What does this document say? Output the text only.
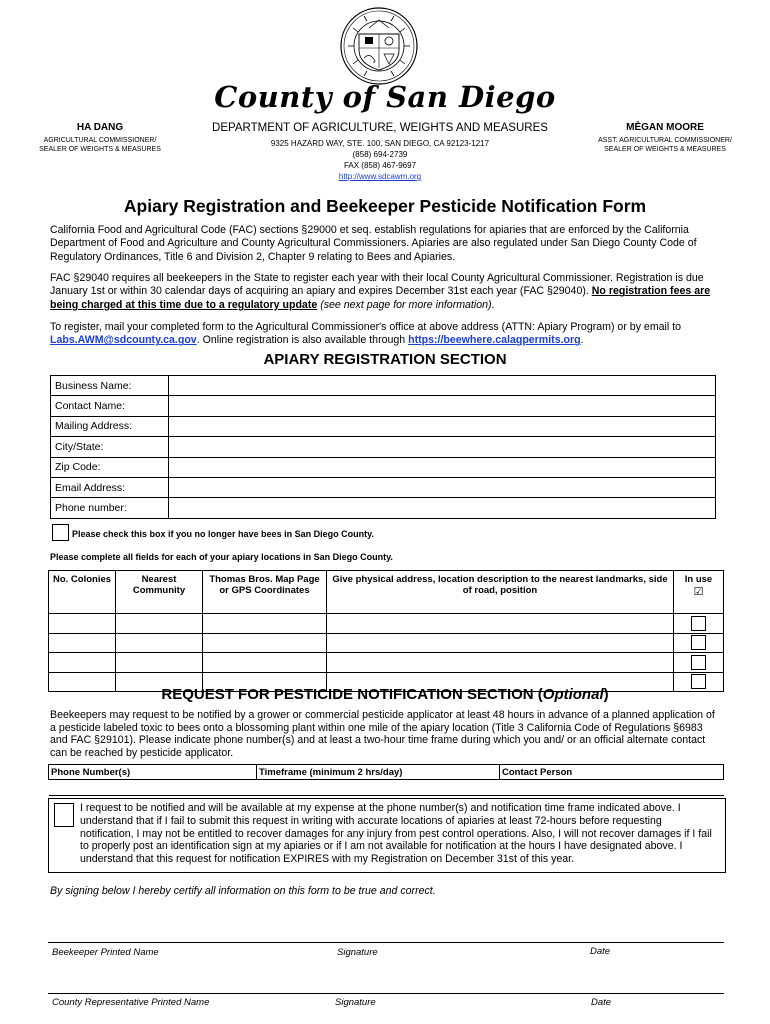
County of San Diego
HA DANG
AGRICULTURAL COMMISSIONER/
SEALER OF WEIGHTS & MEASURES
DEPARTMENT OF AGRICULTURE, WEIGHTS AND MEASURES
9325 HAZARD WAY, STE. 100, SAN DIEGO, CA 92123-1217
(858) 694-2739
FAX (858) 467-9697
http://www.sdcawm.org
MĒGAN MOORE
ASST. AGRICULTURAL COMMISSIONER/
SEALER OF WEIGHTS & MEASURES
Apiary Registration and Beekeeper Pesticide Notification Form
California Food and Agricultural Code (FAC) sections §29000 et seq. establish regulations for apiaries that are enforced by the California Department of Food and Agriculture and County Agricultural Commissioners. Apiaries are also regulated under San Diego County Code of Regulatory Ordinances, Title 6 and Division 2, Chapter 9 relating to Bees and Apiaries.
FAC §29040 requires all beekeepers in the State to register each year with their local County Agricultural Commissioner. Registration is due January 1st or within 30 calendar days of acquiring an apiary and expires December 31st each year (FAC §29040). No registration fees are being charged at this time due to a regulatory update (see next page for more information).
To register, mail your completed form to the Agricultural Commissioner's office at above address (ATTN: Apiary Program) or by email to Labs.AWM@sdcounty.ca.gov. Online registration is also available through https://beewhere.calagpermits.org.
APIARY REGISTRATION SECTION
Business Name:	
Contact Name:	
Mailing Address:	
City/State:	
Zip Code:	
Email Address:	
Phone number:	
Please check this box if you no longer have bees in San Diego County.
Please complete all fields for each of your apiary locations in San Diego County.
No. Colonies	Nearest Community	Thomas Bros. Map Page or GPS Coordinates	Give physical address, location description to the nearest landmarks, side of road, position	In use
☑

REQUEST FOR PESTICIDE NOTIFICATION SECTION (Optional)
Beekeepers may request to be notified by a grower or commercial pesticide applicator at least 48 hours in advance of a planned application of a pesticide labeled toxic to bees onto a blossoming plant within one mile of the apiary location (Title 3 California Code of Regulations §6983 and FAC §29101). Please indicate phone number(s) and at least a two-hour time frame during which you and/ or an official alternate contact can be reached by pesticide applicator.
Phone Number(s)	Timeframe (minimum 2 hrs/day)	Contact Person

I request to be notified and will be available at my expense at the phone number(s) and notification time frame indicated above. I understand that if I fail to submit this request in writing with accurate locations of apiaries at least 72-hours before requesting notification, I may not be entitled to recover damages for any injury from pest control operations. Also, I will not recover damages if I fail to properly post an identification sign at my apiaries or if I am not available for notification at the hours I have designated above. I understand that this request for notification EXPIRES with my Registration on December 31st of this year.
By signing below I hereby certify all information on this form to be true and correct.
Beekeeper Printed Name	Signature	Date
County Representative Printed Name	Signature	Date
